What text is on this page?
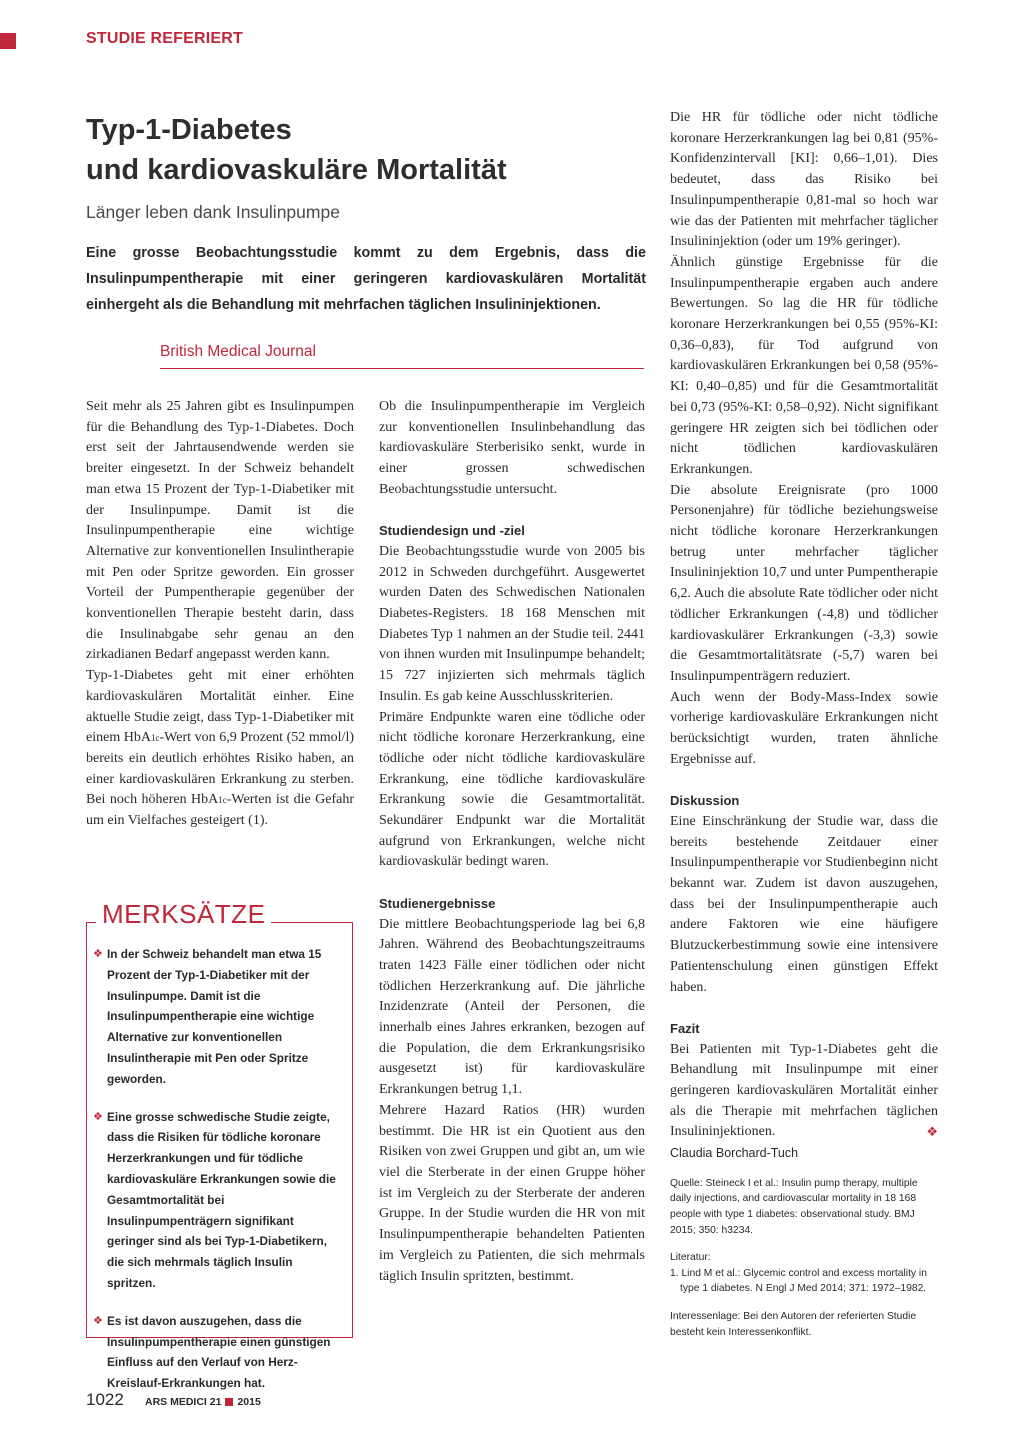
STUDIE REFERIERT
Typ-1-Diabetes
und kardiovaskuläre Mortalität
Länger leben dank Insulinpumpe

Eine grosse Beobachtungsstudie kommt zu dem Ergebnis, dass die Insulinpumpentherapie mit einer geringeren kardiovaskulären Mortalität einhergeht als die Behandlung mit mehrfachen täglichen Insulininjektionen.

British Medical Journal

Seit mehr als 25 Jahren gibt es Insulinpumpen für die Behandlung des Typ-1-Diabetes. Doch erst seit der Jahrtausendwende werden sie breiter eingesetzt. In der Schweiz behandelt man etwa 15 Prozent der Typ-1-Diabetiker mit der Insulinpumpe. Damit ist die Insulinpumpentherapie eine wichtige Alternative zur konventionellen Insulintherapie mit Pen oder Spritze geworden. Ein grosser Vorteil der Pumpentherapie gegenüber der konventionellen Therapie besteht darin, dass die Insulinabgabe sehr genau an den zirkadianen Bedarf angepasst werden kann.

Typ-1-Diabetes geht mit einer erhöhten kardiovaskulären Mortalität einher. Eine aktuelle Studie zeigt, dass Typ-1-Diabetiker mit einem HbA1c-Wert von 6,9 Prozent (52 mmol/l) bereits ein deutlich erhöhtes Risiko haben, an einer kardiovaskulären Erkrankung zu sterben. Bei noch höheren HbA1c-Werten ist die Gefahr um ein Vielfaches gesteigert (1).

MERKSÄTZE
❖ In der Schweiz behandelt man etwa 15 Prozent der Typ-1-Diabetiker mit der Insulinpumpe. Damit ist die Insulinpumpentherapie eine wichtige Alternative zur konventionellen Insulintherapie mit Pen oder Spritze geworden.
❖ Eine grosse schwedische Studie zeigte, dass die Risiken für tödliche koronare Herzerkrankungen und für tödliche kardiovaskuläre Erkrankungen sowie die Gesamtmortalität bei Insulinpumpenträgern signifikant geringer sind als bei Typ-1-Diabetikern, die sich mehrmals täglich Insulin spritzen.
❖ Es ist davon auszugehen, dass die Insulinpumpentherapie einen günstigen Einfluss auf den Verlauf von Herz-Kreislauf-Erkrankungen hat.

Ob die Insulinpumpentherapie im Vergleich zur konventionellen Insulinbehandlung das kardiovaskuläre Sterberisiko senkt, wurde in einer grossen schwedischen Beobachtungsstudie untersucht.

Studiendesign und -ziel

Die Beobachtungsstudie wurde von 2005 bis 2012 in Schweden durchgeführt. Ausgewertet wurden Daten des Schwedischen Nationalen Diabetes-Registers. 18 168 Menschen mit Diabetes Typ 1 nahmen an der Studie teil. 2441 von ihnen wurden mit Insulinpumpe behandelt; 15 727 injizierten sich mehrmals täglich Insulin. Es gab keine Ausschlusskriterien.

Primäre Endpunkte waren eine tödliche oder nicht tödliche koronare Herzerkrankung, eine tödliche oder nicht tödliche kardiovaskuläre Erkrankung, eine tödliche kardiovaskuläre Erkrankung sowie die Gesamtmortalität. Sekundärer Endpunkt war die Mortalität aufgrund von Erkrankungen, welche nicht kardiovaskulär bedingt waren.

Studienergebnisse

Die mittlere Beobachtungsperiode lag bei 6,8 Jahren. Während des Beobachtungszeitraums traten 1423 Fälle einer tödlichen oder nicht tödlichen Herzerkrankung auf. Die jährliche Inzidenzrate (Anteil der Personen, die innerhalb eines Jahres erkranken, bezogen auf die Population, die dem Erkrankungsrisiko ausgesetzt ist) für kardiovaskuläre Erkrankungen betrug 1,1.

Mehrere Hazard Ratios (HR) wurden bestimmt. Die HR ist ein Quotient aus den Risiken von zwei Gruppen und gibt an, um wie viel die Sterberate in der einen Gruppe höher ist im Vergleich zu der Sterberate der anderen Gruppe. In der Studie wurden die HR von mit Insulinpumpentherapie behandelten Patienten im Vergleich zu Patienten, die sich mehrmals täglich Insulin spritzten, bestimmt.

Die HR für tödliche oder nicht tödliche koronare Herzerkrankungen lag bei 0,81 (95%-Konfidenzintervall [KI]: 0,66–1,01). Dies bedeutet, dass das Risiko bei Insulinpumpentherapie 0,81-mal so hoch war wie das der Patienten mit mehrfacher täglicher Insulininjektion (oder um 19% geringer).

Ähnlich günstige Ergebnisse für die Insulinpumpentherapie ergaben auch andere Bewertungen. So lag die HR für tödliche koronare Herzerkrankungen bei 0,55 (95%-KI: 0,36–0,83), für Tod aufgrund von kardiovaskulären Erkrankungen bei 0,58 (95%-KI: 0,40–0,85) und für die Gesamtmortalität bei 0,73 (95%-KI: 0,58–0,92). Nicht signifikant geringere HR zeigten sich bei tödlichen oder nicht tödlichen kardiovaskulären Erkrankungen.

Die absolute Ereignisrate (pro 1000 Personenjahre) für tödliche beziehungsweise nicht tödliche koronare Herzerkrankungen betrug unter mehrfacher täglicher Insulininjektion 10,7 und unter Pumpentherapie 6,2. Auch die absolute Rate tödlicher oder nicht tödlicher Erkrankungen (-4,8) und tödlicher kardiovaskulärer Erkrankungen (-3,3) sowie die Gesamtmortalitätsrate (-5,7) waren bei Insulinpumpenträgern reduziert.

Auch wenn der Body-Mass-Index sowie vorherige kardiovaskuläre Erkrankungen nicht berücksichtigt wurden, traten ähnliche Ergebnisse auf.

Diskussion

Eine Einschränkung der Studie war, dass die bereits bestehende Zeitdauer einer Insulinpumpentherapie vor Studienbeginn nicht bekannt war. Zudem ist davon auszugehen, dass bei der Insulinpumpentherapie auch andere Faktoren wie eine häufigere Blutzuckerbestimmung sowie eine intensivere Patientenschulung einen günstigen Effekt haben.

Fazit

Bei Patienten mit Typ-1-Diabetes geht die Behandlung mit Insulinpumpe mit einer geringeren kardiovaskulären Mortalität einher als die Therapie mit mehrfachen täglichen Insulininjektionen.	❖

Claudia Borchard-Tuch

Quelle: Steineck I et al.: Insulin pump therapy, multiple daily injections, and cardiovascular mortality in 18 168 people with type 1 diabetes: observational study. BMJ 2015; 350: h3234.

Literatur:

1. Lind M et al.: Glycemic control and excess mortality in type 1 diabetes. N Engl J Med 2014; 371: 1972–1982.

Interessenlage: Bei den Autoren der referierten Studie besteht kein Interessenkonflikt.

1022 ARS MEDICI 21 2015
